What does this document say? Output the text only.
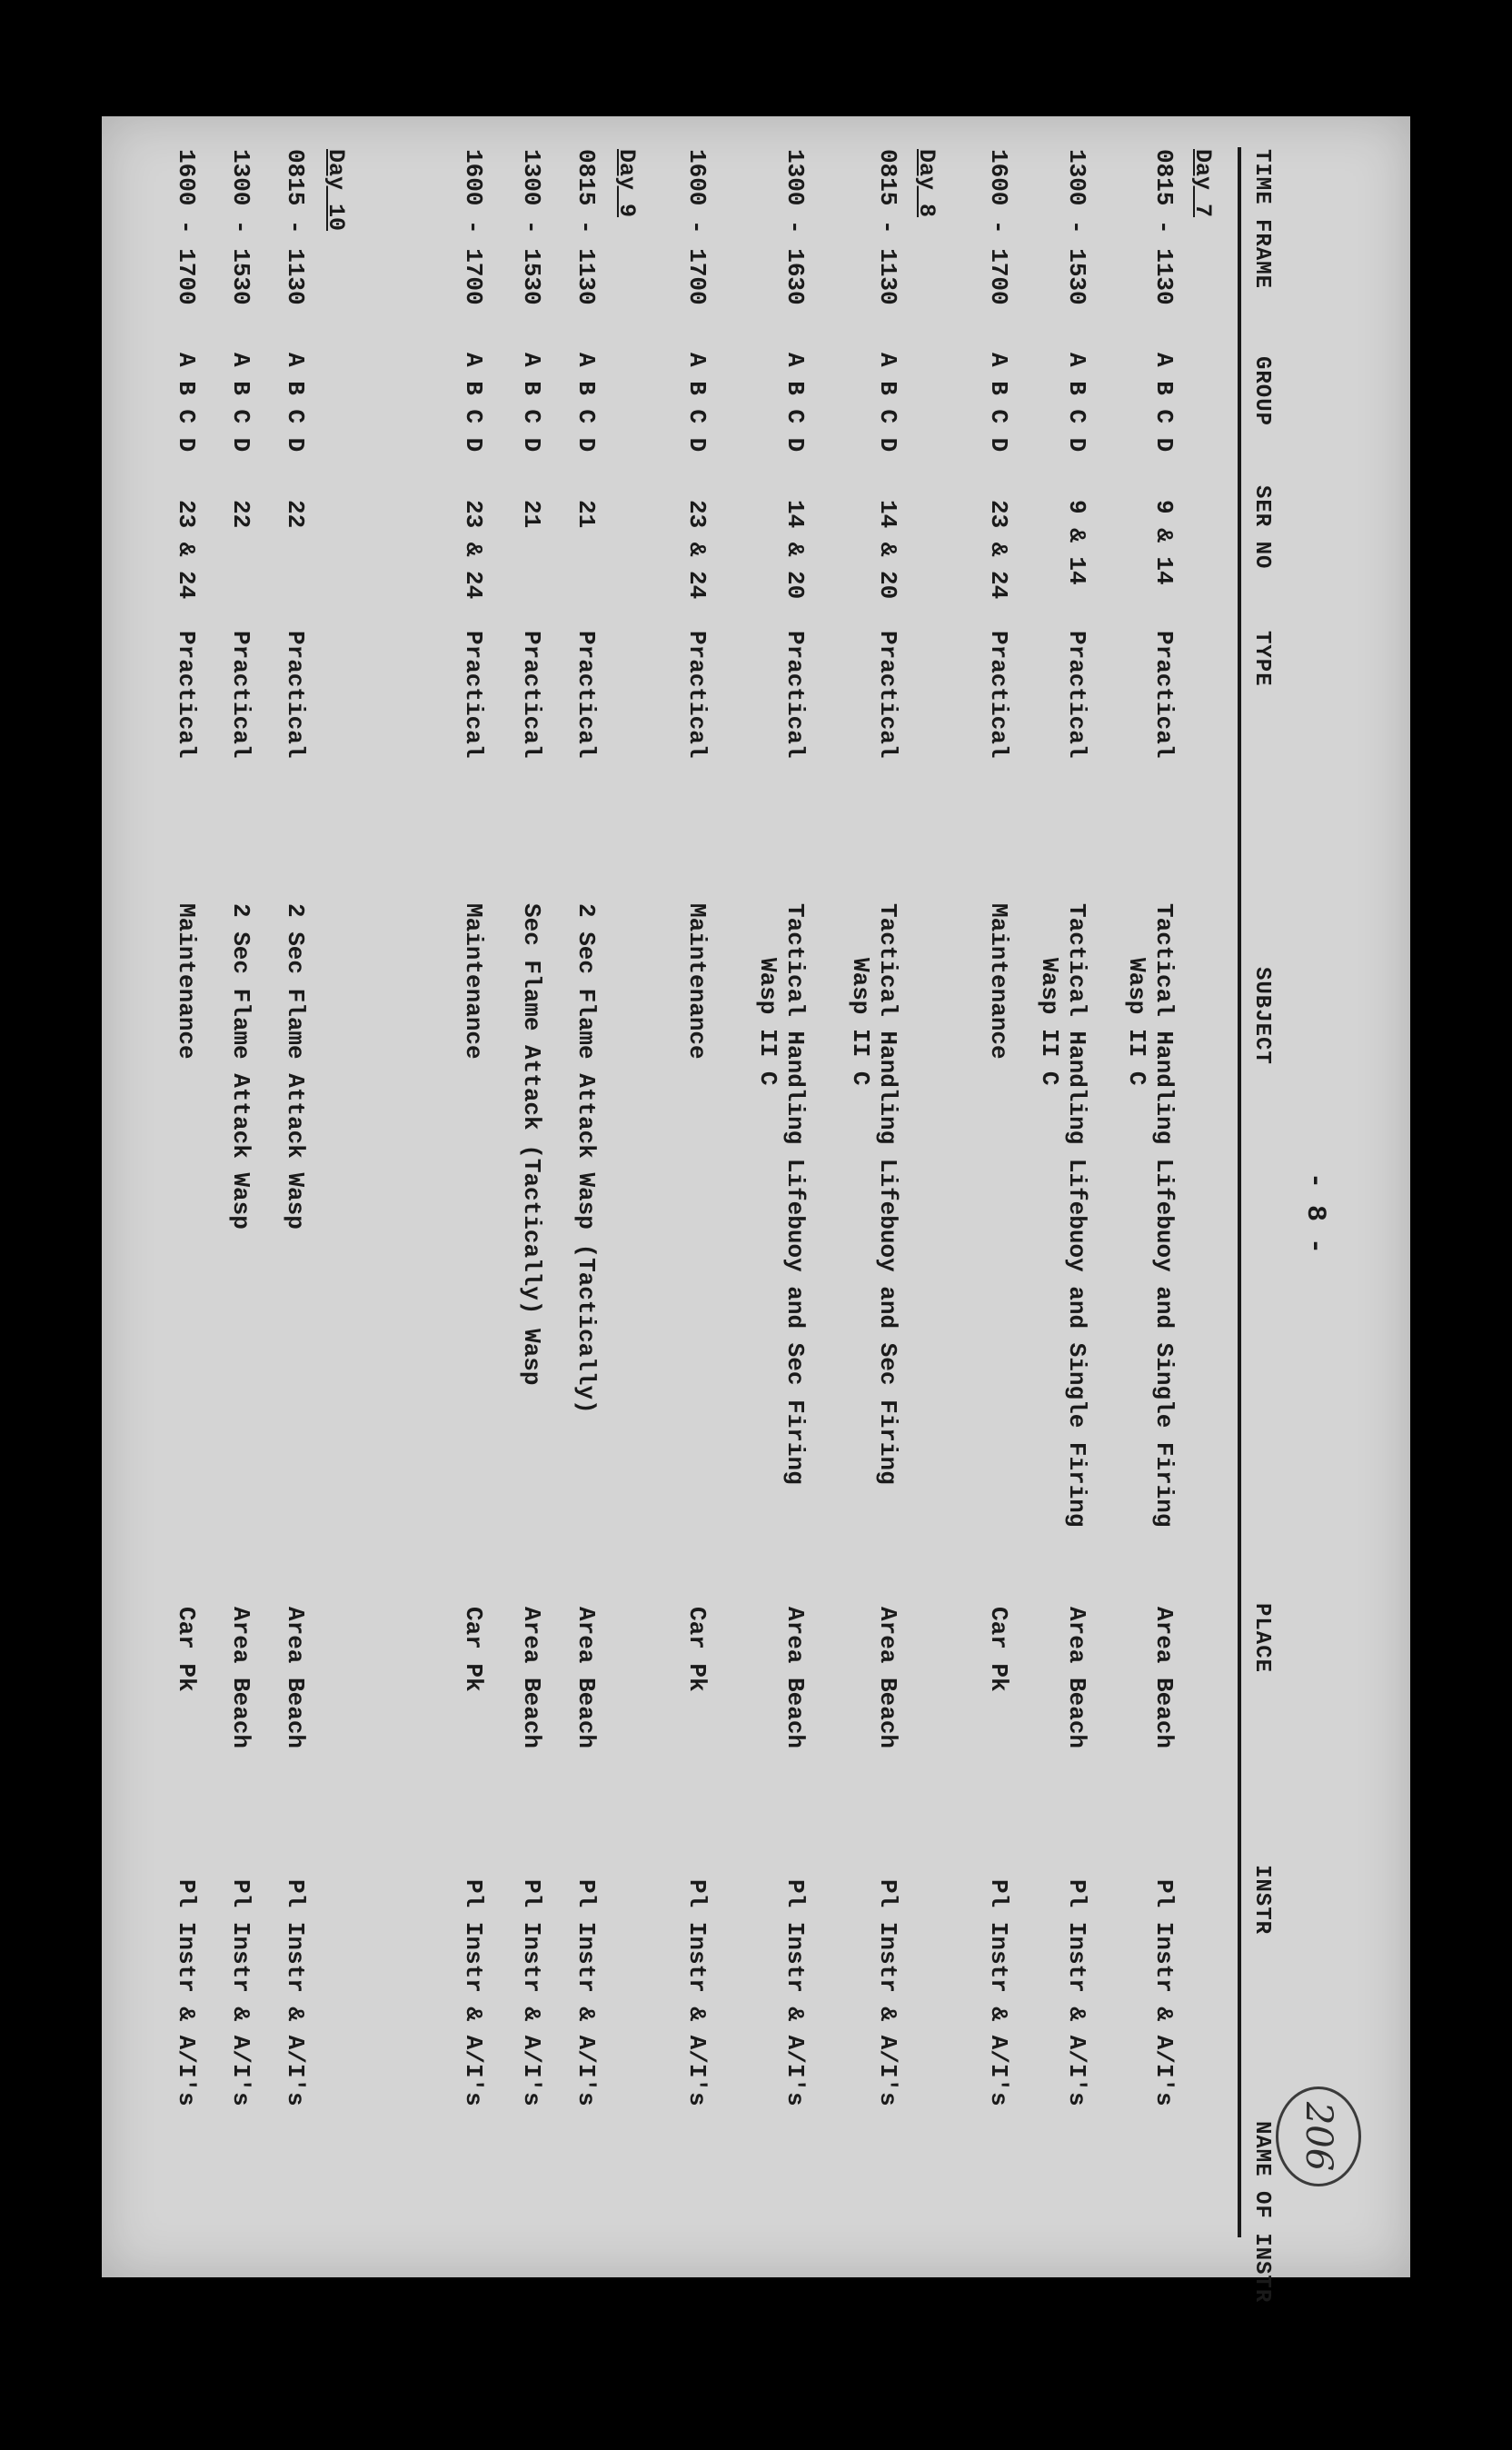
206
- 8 -
TIME FRAME
GROUP
SER NO
TYPE
SUBJECT
PLACE
INSTR
NAME OF INSTR
Day 7
0815 - 1130
A B C D
9 & 14
Practical
Tactical Handling Lifebuoy and Single Firing
Wasp II C
Area Beach
Pl Instr & A/I's
1300 - 1530
A B C D
9 & 14
Practical
Tactical Handling Lifebuoy and Single Firing
Wasp II C
Area Beach
Pl Instr & A/I's
1600 - 1700
A B C D
23 & 24
Practical
Maintenance
Car Pk
Pl Instr & A/I's
Day 8
0815 - 1130
A B C D
14 & 20
Practical
Tactical Handling Lifebuoy and Sec Firing
Wasp II C
Area Beach
Pl Instr & A/I's
1300 - 1630
A B C D
14 & 20
Practical
Tactical Handling Lifebuoy and Sec Firing
Wasp II C
Area Beach
Pl Instr & A/I's
1600 - 1700
A B C D
23 & 24
Practical
Maintenance
Car Pk
Pl Instr & A/I's
Day 9
0815 - 1130
A B C D
21
Practical
2 Sec Flame Attack Wasp (Tactically)
Area Beach
Pl Instr & A/I's
1300 - 1530
A B C D
21
Practical
Sec Flame Attack (Tactically) Wasp
Area Beach
Pl Instr & A/I's
1600 - 1700
A B C D
23 & 24
Practical
Maintenance
Car Pk
Pl Instr & A/I's
Day 10
0815 - 1130
A B C D
22
Practical
2 Sec Flame Attack Wasp
Area Beach
Pl Instr & A/I's
1300 - 1530
A B C D
22
Practical
2 Sec Flame Attack Wasp
Area Beach
Pl Instr & A/I's
1600 - 1700
A B C D
23 & 24
Practical
Maintenance
Car Pk
Pl Instr & A/I's
